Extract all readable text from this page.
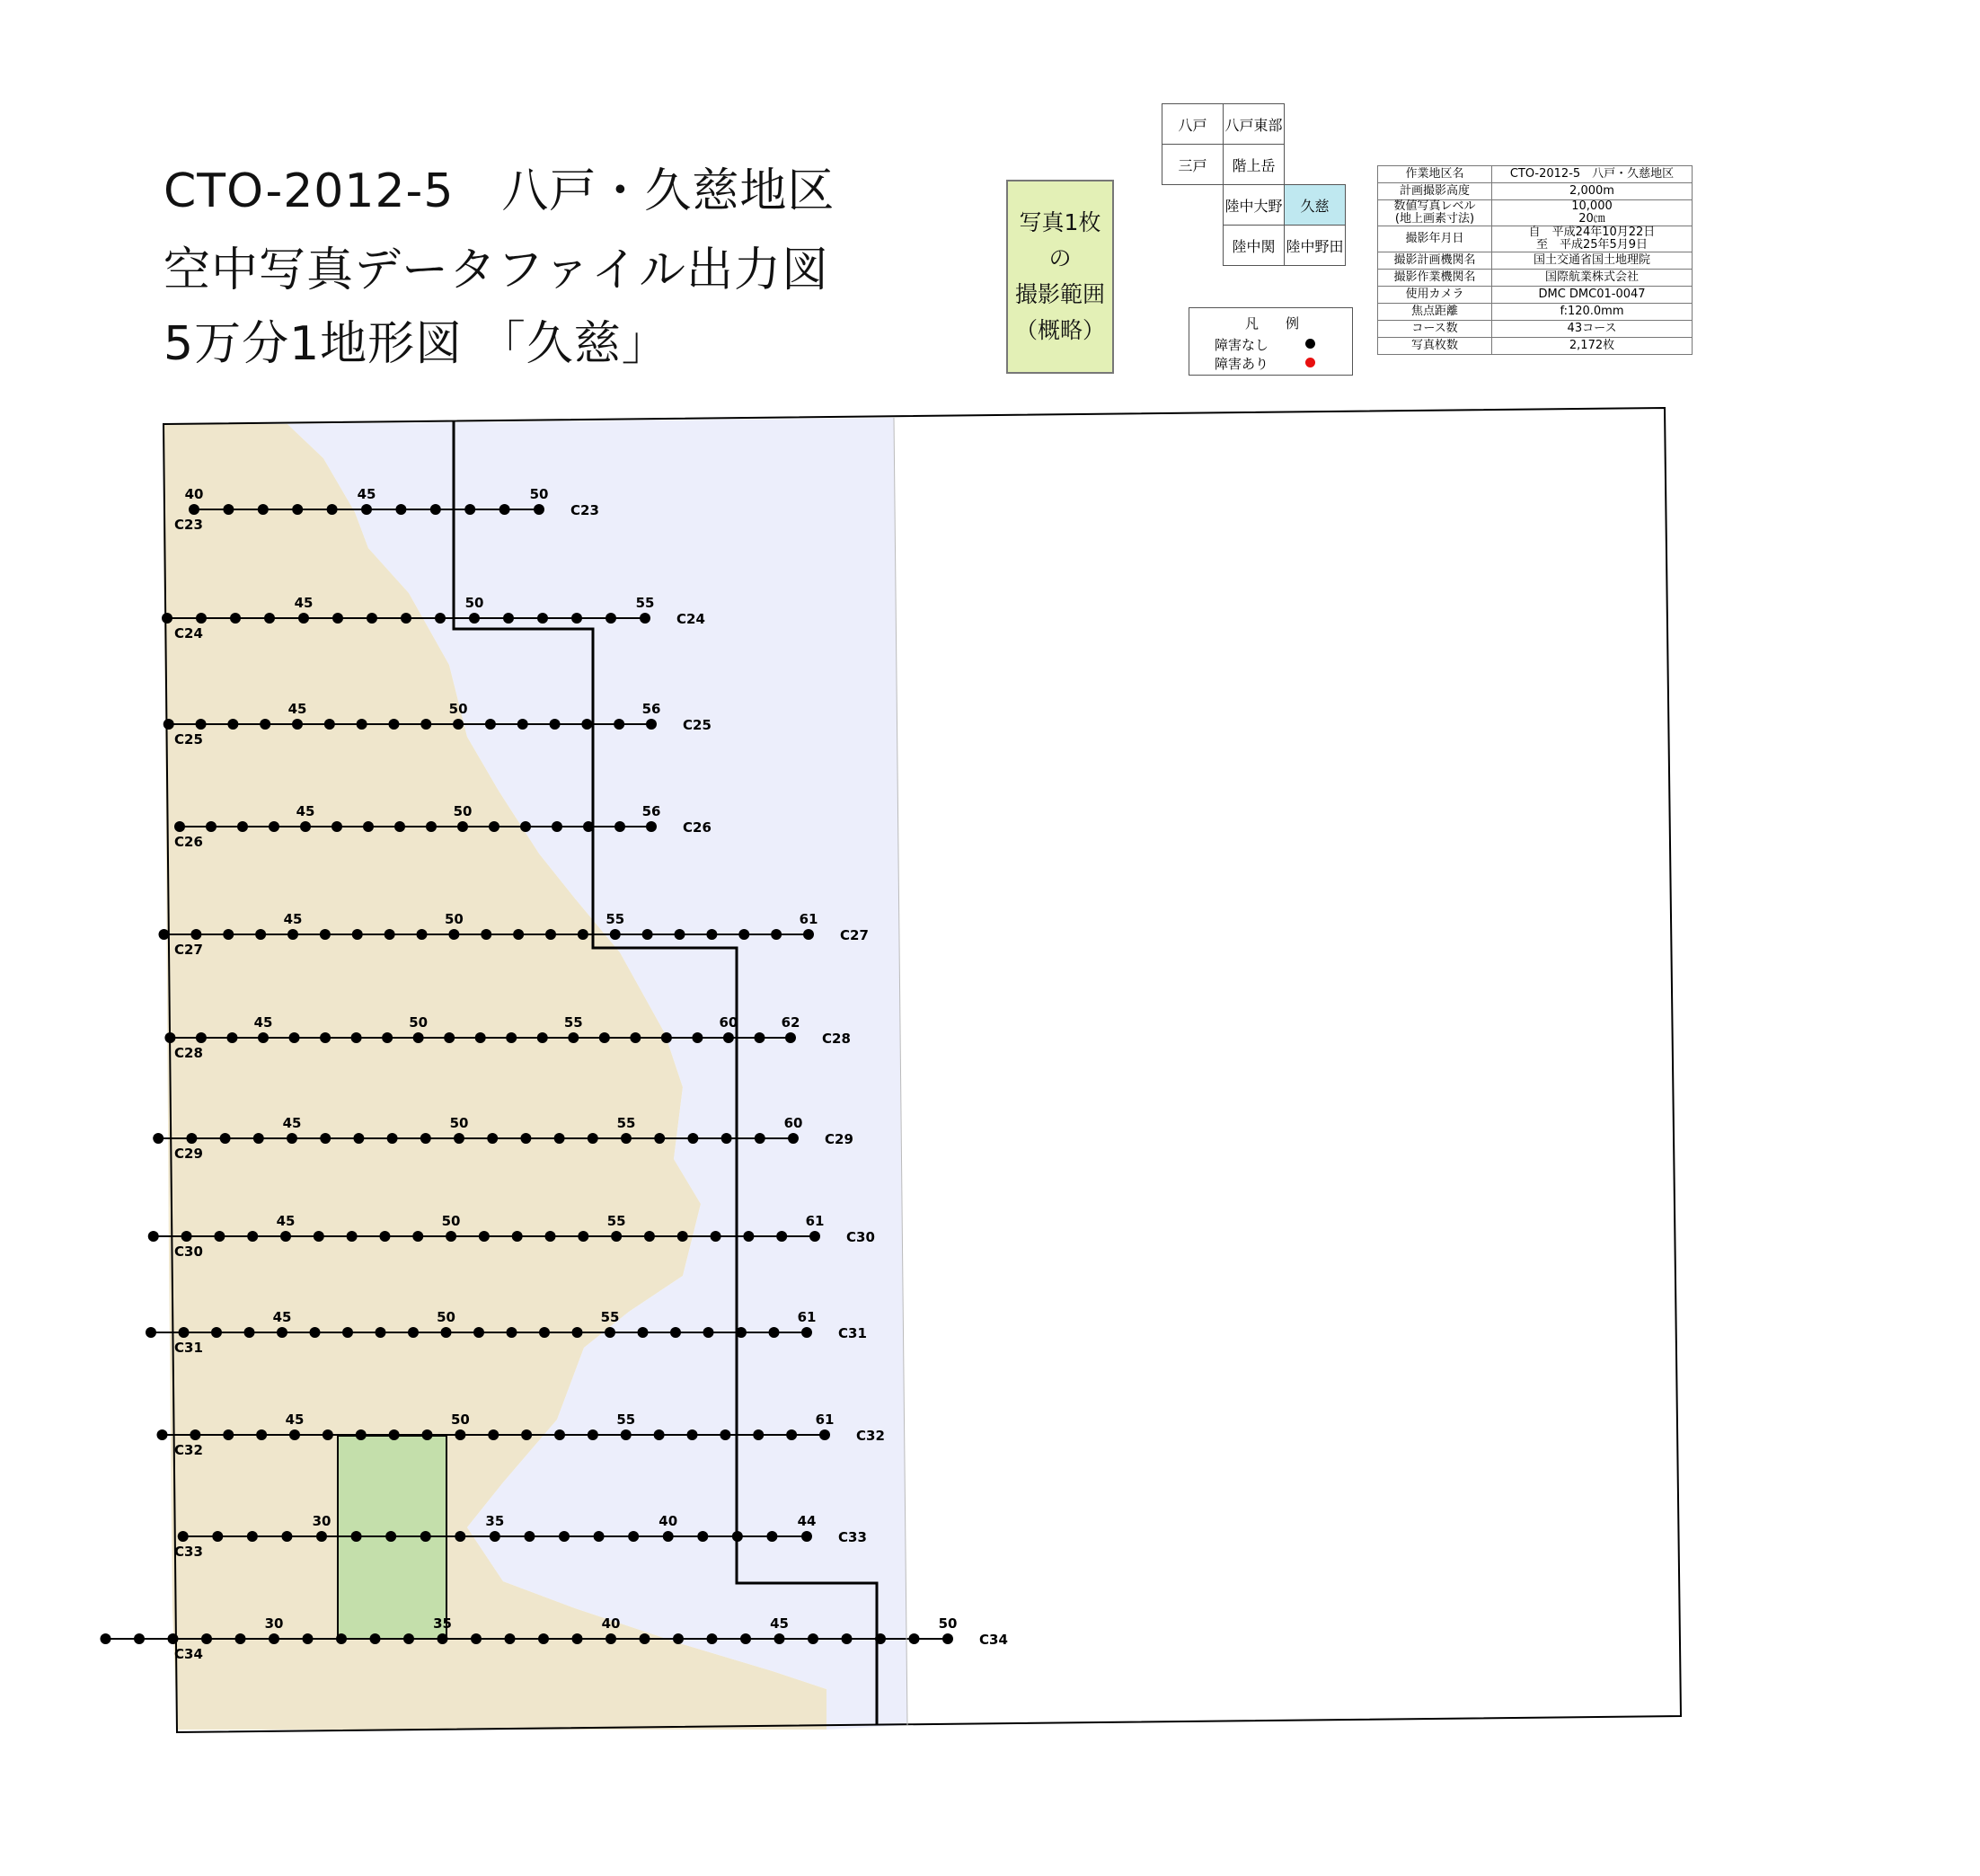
CTO-2012-5　八戸・久慈地区
空中写真データファイル出力図
5万分1地形図 「久慈」
写真1枚
の
撮影範囲
（概略）
八戸	八戸東部	
三戸	階上岳	
	陸中大野	久慈
	陸中関	陸中野田
凡例
障害なし
障害あり
作業地区名	CTO-2012-5　八戸・久慈地区
計画撮影高度	2,000m
数値写真レベル
(地上画素寸法)	10,000
20㎝
撮影年月日	自　平成24年10月22日
至　平成25年5月9日
撮影計画機関名	国土交通省国土地理院
撮影作業機関名	国際航業株式会社
使用カメラ	DMC DMC01-0047
焦点距離	f:120.0mm
コース数	43コース
写真枚数	2,172枚
40	45	50
C23
C23
45	50	55
C24
C24
45	50	56
C25
C25
45	50	56
C26
C26
45	50	55	61
C27
C27
45	50	55	60	62
C28
C28
45	50	55	60
C29
C29
45	50	55	61
C30
C30
45	50	55	61
C31
C31
45	50	55	61
C32
C32
30	35	40	44
C33
C33
30	35	40	45	50
C34
C34
